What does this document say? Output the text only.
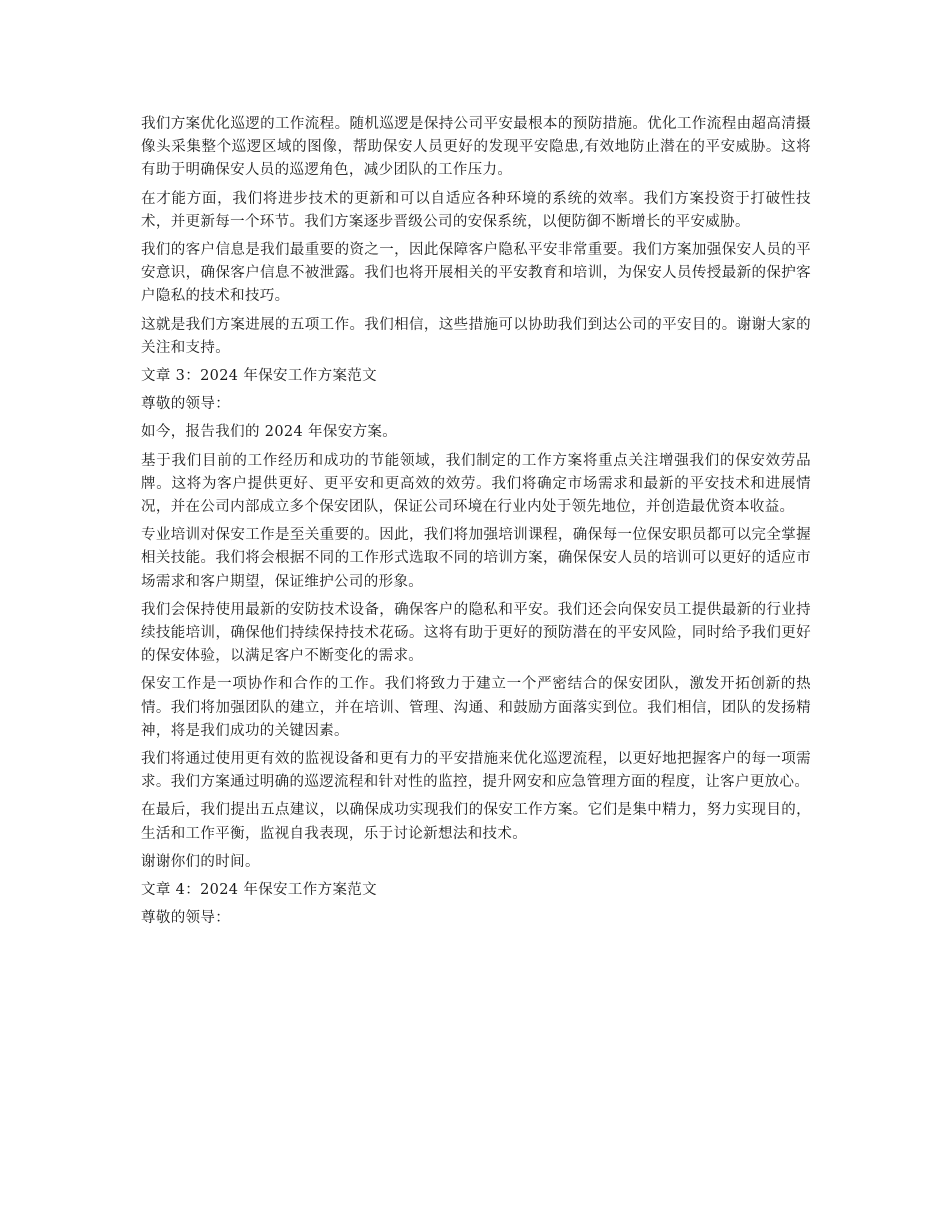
我们方案优化巡逻的工作流程。随机巡逻是保持公司平安最根本的预防措施。优化工作流程由超高清摄像头采集整个巡逻区域的图像，帮助保安人员更好的发现平安隐患,有效地防止潜在的平安威胁。这将有助于明确保安人员的巡逻角色，减少团队的工作压力。

在才能方面，我们将进步技术的更新和可以自适应各种环境的系统的效率。我们方案投资于打破性技术，并更新每一个环节。我们方案逐步晋级公司的安保系统，以便防御不断增长的平安威胁。

我们的客户信息是我们最重要的资之一，因此保障客户隐私平安非常重要。我们方案加强保安人员的平安意识，确保客户信息不被泄露。我们也将开展相关的平安教育和培训，为保安人员传授最新的保护客户隐私的技术和技巧。

这就是我们方案进展的五项工作。我们相信，这些措施可以协助我们到达公司的平安目的。谢谢大家的关注和支持。

文章 3：2024 年保安工作方案范文

尊敬的领导：

如今，报告我们的 2024 年保安方案。

基于我们目前的工作经历和成功的节能领域，我们制定的工作方案将重点关注增强我们的保安效劳品牌。这将为客户提供更好、更平安和更高效的效劳。我们将确定市场需求和最新的平安技术和进展情况，并在公司内部成立多个保安团队，保证公司环境在行业内处于领先地位，并创造最优资本收益。

专业培训对保安工作是至关重要的。因此，我们将加强培训课程，确保每一位保安职员都可以完全掌握相关技能。我们将会根据不同的工作形式选取不同的培训方案，确保保安人员的培训可以更好的适应市场需求和客户期望，保证维护公司的形象。

我们会保持使用最新的安防技术设备，确保客户的隐私和平安。我们还会向保安员工提供最新的行业持续技能培训，确保他们持续保持技术花砀。这将有助于更好的预防潜在的平安风险，同时给予我们更好的保安体验，以满足客户不断变化的需求。

保安工作是一项协作和合作的工作。我们将致力于建立一个严密结合的保安团队，激发开拓创新的热情。我们将加强团队的建立，并在培训、管理、沟通、和鼓励方面落实到位。我们相信，团队的发扬精神，将是我们成功的关键因素。

我们将通过使用更有效的监视设备和更有力的平安措施来优化巡逻流程，以更好地把握客户的每一项需求。我们方案通过明确的巡逻流程和针对性的监控，提升网安和应急管理方面的程度，让客户更放心。

在最后，我们提出五点建议，以确保成功实现我们的保安工作方案。它们是集中精力，努力实现目的，生活和工作平衡，监视自我表现，乐于讨论新想法和技术。

谢谢你们的时间。

文章 4：2024 年保安工作方案范文

尊敬的领导：
